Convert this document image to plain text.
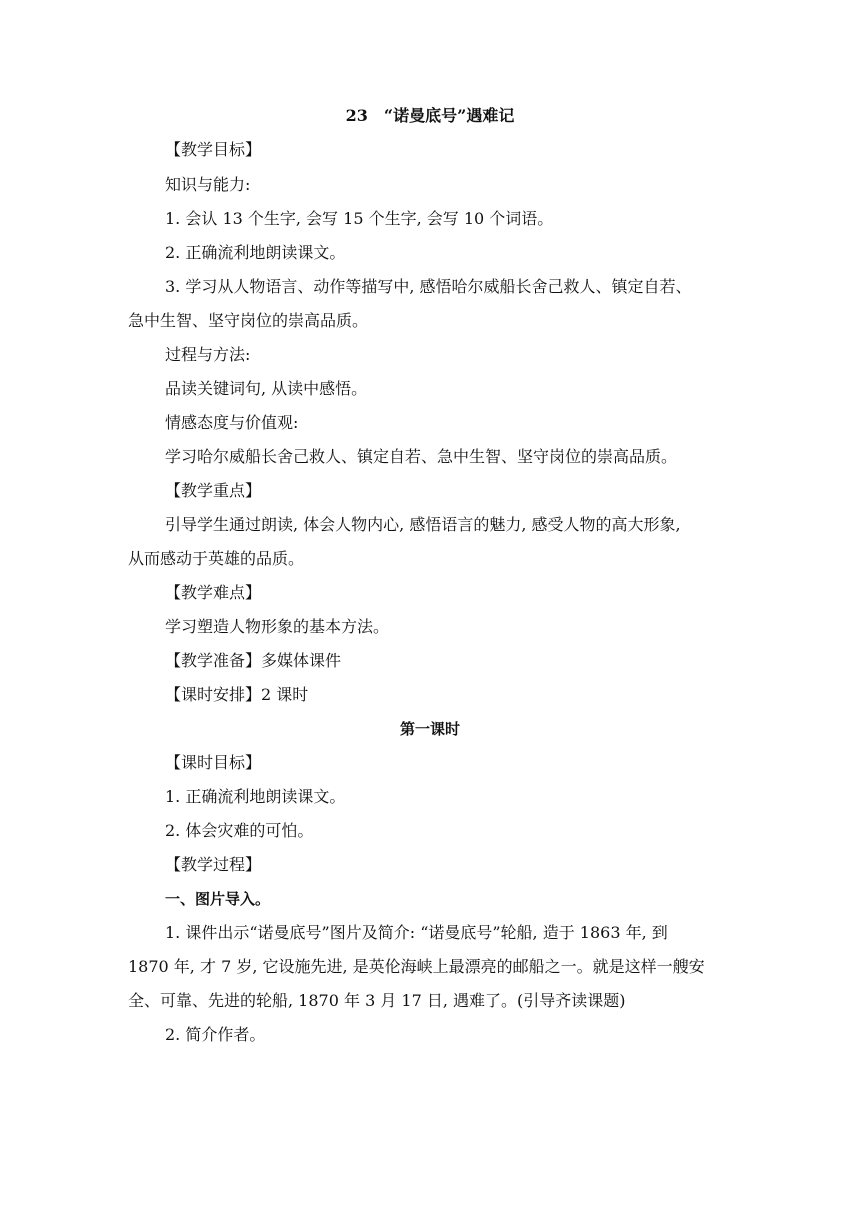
23　“诺曼底号”遇难记
【教学目标】
知识与能力:
1. 会认 13 个生字, 会写 15 个生字, 会写 10 个词语。
2. 正确流利地朗读课文。
3. 学习从人物语言、动作等描写中, 感悟哈尔威船长舍己救人、镇定自若、
急中生智、坚守岗位的崇高品质。
过程与方法:
品读关键词句, 从读中感悟。
情感态度与价值观:
学习哈尔威船长舍己救人、镇定自若、急中生智、坚守岗位的崇高品质。
【教学重点】
引导学生通过朗读, 体会人物内心, 感悟语言的魅力, 感受人物的高大形象,
从而感动于英雄的品质。
【教学难点】
学习塑造人物形象的基本方法。
【教学准备】多媒体课件
【课时安排】2 课时
第一课时
【课时目标】
1. 正确流利地朗读课文。
2. 体会灾难的可怕。
【教学过程】
一、图片导入。
1. 课件出示“诺曼底号”图片及简介: “诺曼底号”轮船, 造于 1863 年, 到
1870 年, 才 7 岁, 它设施先进, 是英伦海峡上最漂亮的邮船之一。就是这样一艘安
全、可靠、先进的轮船, 1870 年 3 月 17 日, 遇难了。(引导齐读课题)
2. 简介作者。
